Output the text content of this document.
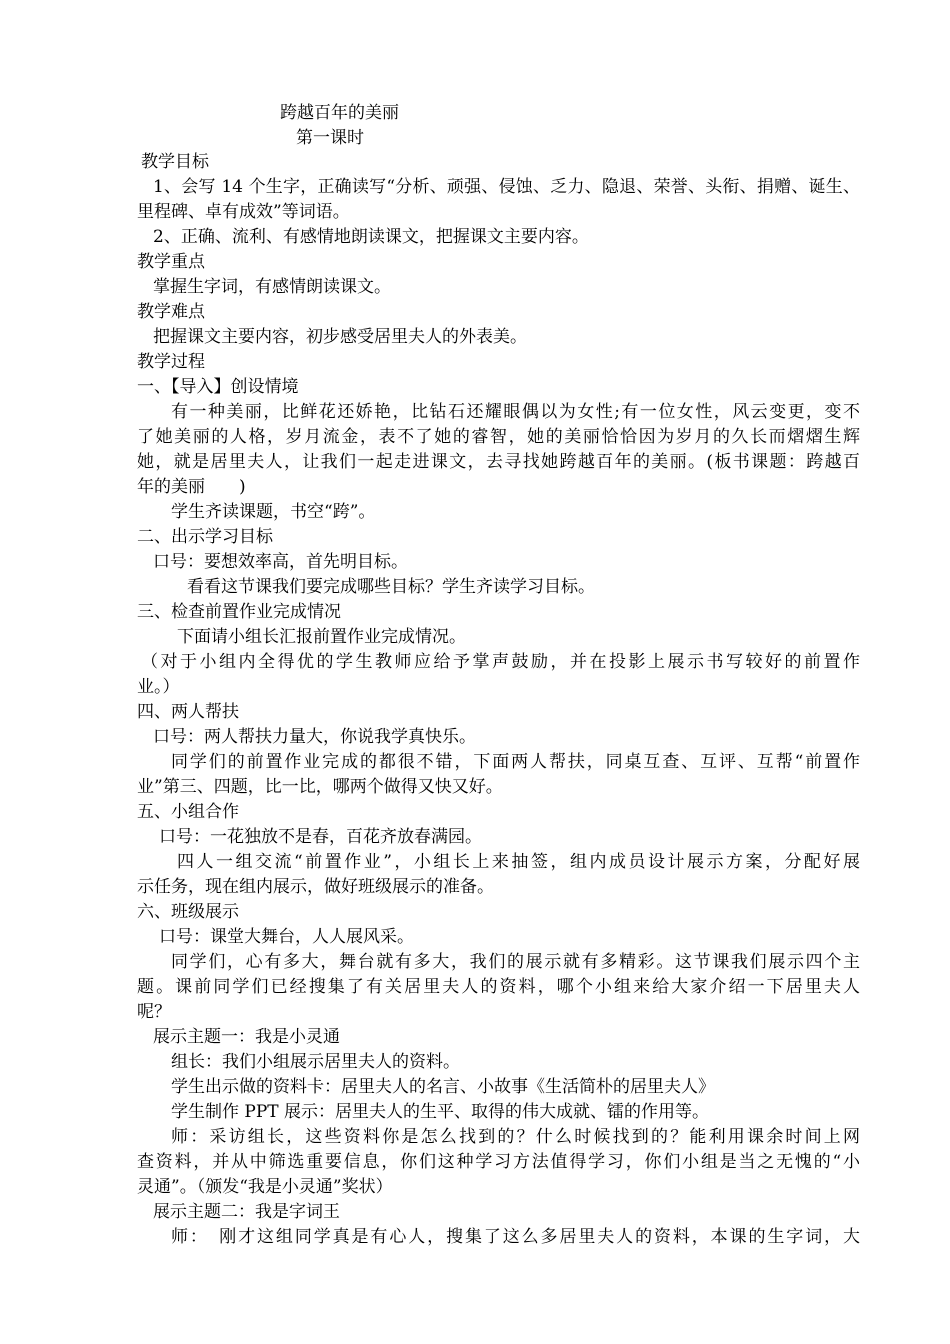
跨越百年的美丽
第一课时
教学目标
1、会写 14 个生字，正确读写“分析、顽强、侵蚀、乏力、隐退、荣誉、头衔、捐赠、诞生、
里程碑、卓有成效”等词语。
2、正确、流利、有感情地朗读课文，把握课文主要内容。
教学重点
掌握生字词，有感情朗读课文。
教学难点
把握课文主要内容，初步感受居里夫人的外表美。
教学过程
一、【导入】创设情境
有一种美丽，比鲜花还娇艳，比钻石还耀眼偶以为女性;有一位女性，风云变更，变不
了她美丽的人格，岁月流金，表不了她的睿智，她的美丽恰恰因为岁月的久长而熠熠生辉
她，就是居里夫人，让我们一起走进课文，去寻找她跨越百年的美丽。(板书课题：跨越百
年的美丽　　)
学生齐读课题，书空“跨”。
二、出示学习目标
口号：要想效率高，首先明目标。
看看这节课我们要完成哪些目标？学生齐读学习目标。
三、检查前置作业完成情况
下面请小组长汇报前置作业完成情况。
（对于小组内全得优的学生教师应给予掌声鼓励，并在投影上展示书写较好的前置作
业。）
四、两人帮扶
口号：两人帮扶力量大，你说我学真快乐。
同学们的前置作业完成的都很不错，下面两人帮扶，同桌互查、互评、互帮“前置作
业”第三、四题，比一比，哪两个做得又快又好。
五、小组合作
口号：一花独放不是春，百花齐放春满园。
四人一组交流“前置作业”，小组长上来抽签，组内成员设计展示方案，分配好展
示任务，现在组内展示，做好班级展示的准备。
六、班级展示
口号：课堂大舞台，人人展风采。
同学们，心有多大，舞台就有多大，我们的展示就有多精彩。这节课我们展示四个主
题。课前同学们已经搜集了有关居里夫人的资料，哪个小组来给大家介绍一下居里夫人
呢？
展示主题一：我是小灵通
组长：我们小组展示居里夫人的资料。
学生出示做的资料卡：居里夫人的名言、小故事《生活简朴的居里夫人》
学生制作 PPT 展示：居里夫人的生平、取得的伟大成就、镭的作用等。
师：采访组长，这些资料你是怎么找到的？什么时候找到的？能利用课余时间上网
查资料，并从中筛选重要信息，你们这种学习方法值得学习，你们小组是当之无愧的“小
灵通”。（颁发“我是小灵通”奖状）
展示主题二：我是字词王
师：　刚才这组同学真是有心人，搜集了这么多居里夫人的资料，本课的生字词，大
